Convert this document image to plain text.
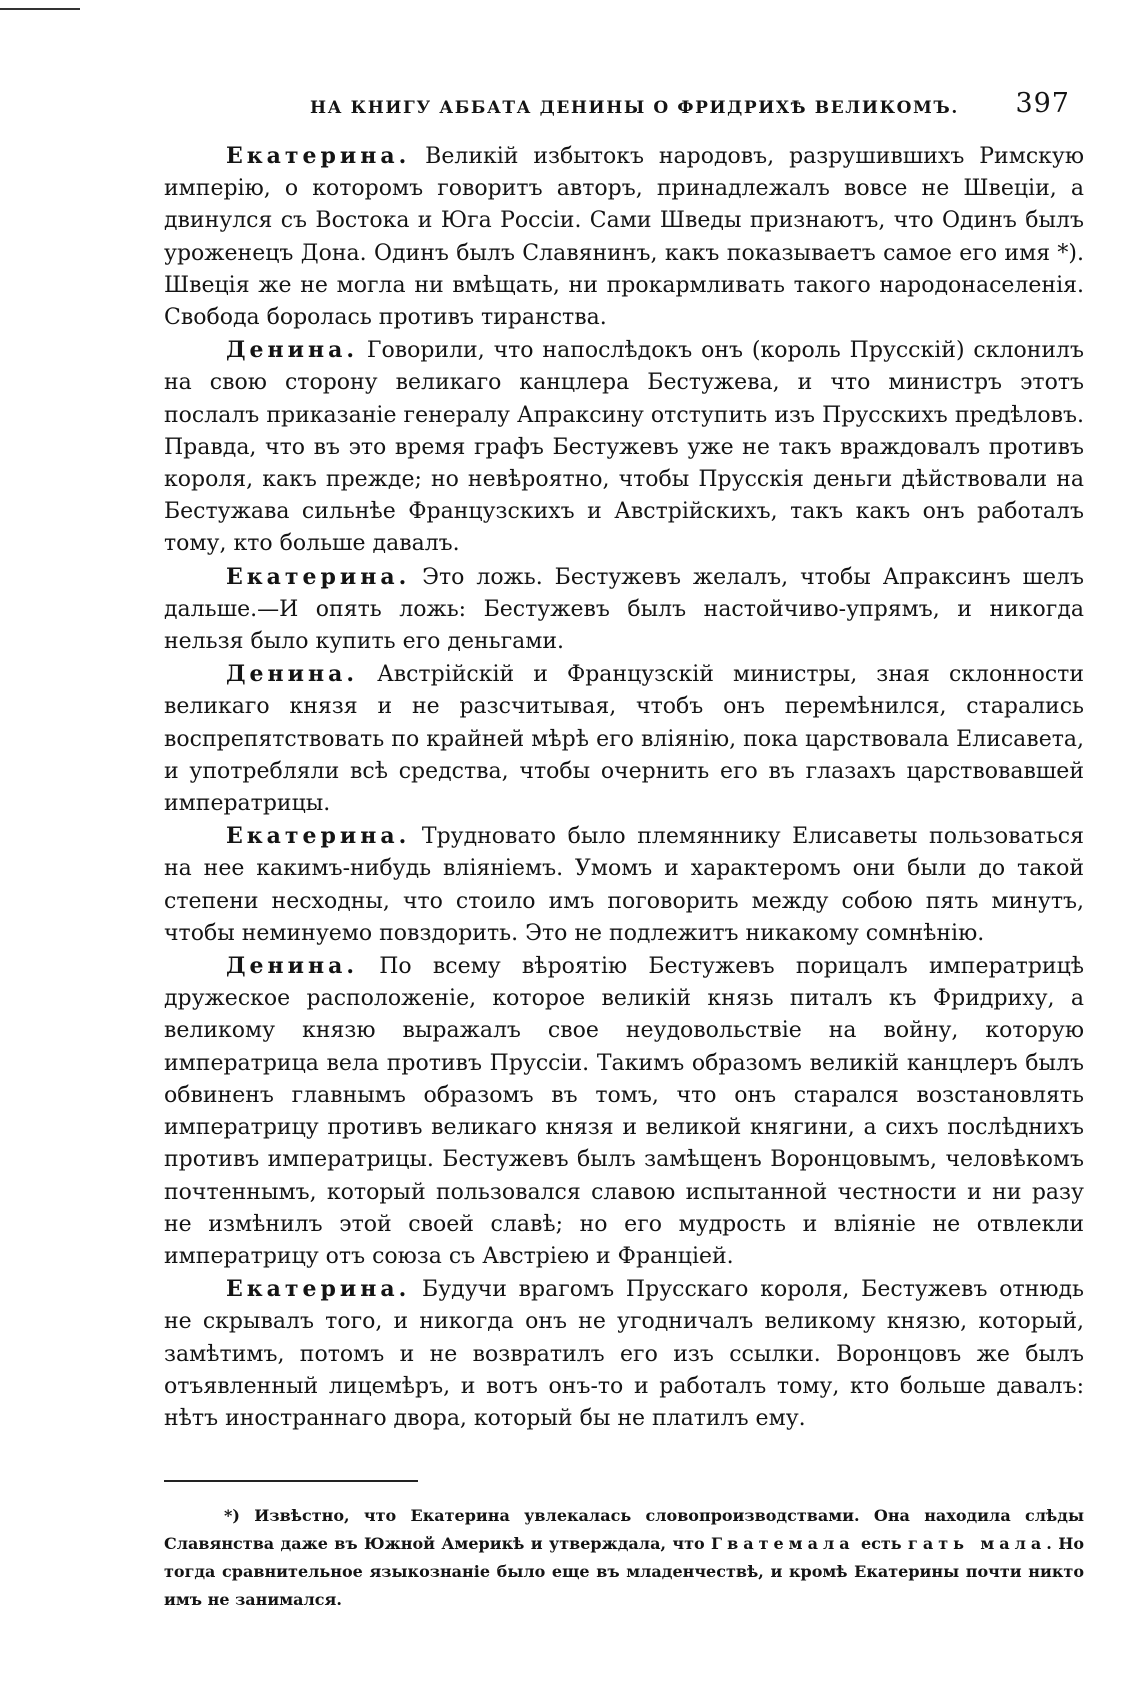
НА КНИГУ АББАТА ДЕНИНЫ О ФРИДРИХѢ ВЕЛИКОМЪ. 397

Екатерина. Великій избытокъ народовъ, разрушившихъ Римскую имперію, о которомъ говоритъ авторъ, принадлежалъ вовсе не Швеціи, а двинулся съ Востока и Юга Россіи. Сами Шведы признаютъ, что Одинъ былъ уроженецъ Дона. Одинъ былъ Славянинъ, какъ показываетъ самое его имя *). Швеція же не могла ни вмѣщать, ни прокармливать такого народонаселенія. Свобода боролась противъ тиранства.

Денина. Говорили, что напослѣдокъ онъ (король Прусскій) склонилъ на свою сторону великаго канцлера Бестужева, и что министръ этотъ послалъ приказаніе генералу Апраксину отступить изъ Прусскихъ предѣловъ. Правда, что въ это время графъ Бестужевъ уже не такъ враждовалъ противъ короля, какъ прежде; но невѣроятно, чтобы Прусскія деньги дѣйствовали на Бестужава сильнѣе Французскихъ и Австрійскихъ, такъ какъ онъ работалъ тому, кто больше давалъ.

Екатерина. Это ложь. Бестужевъ желалъ, чтобы Апраксинъ шелъ дальше.—И опять ложь: Бестужевъ былъ настойчиво-упрямъ, и никогда нельзя было купить его деньгами.

Денина. Австрійскій и Французскій министры, зная склонности великаго князя и не разсчитывая, чтобъ онъ перемѣнился, старались воспрепятствовать по крайней мѣрѣ его вліянію, пока царствовала Елисавета, и употребляли всѣ средства, чтобы очернить его въ глазахъ царствовавшей императрицы.

Екатерина. Трудновато было племяннику Елисаветы пользоваться на нее какимъ-нибудь вліяніемъ. Умомъ и характеромъ они были до такой степени несходны, что стоило имъ поговорить между собою пять минутъ, чтобы неминуемо повздорить. Это не подлежитъ никакому сомнѣнію.

Денина. По всему вѣроятію Бестужевъ порицалъ императрицѣ дружеское расположеніе, которое великій князь питалъ къ Фридриху, а великому князю выражалъ свое неудовольствіе на войну, которую императрица вела противъ Пруссіи. Такимъ образомъ великій канцлеръ былъ обвиненъ главнымъ образомъ въ томъ, что онъ старался возстановлять императрицу противъ великаго князя и великой княгини, а сихъ послѣднихъ противъ императрицы. Бестужевъ былъ замѣщенъ Воронцовымъ, человѣкомъ почтеннымъ, который пользовался славою испытанной честности и ни разу не измѣнилъ этой своей славѣ; но его мудрость и вліяніе не отвлекли императрицу отъ союза съ Австріею и Франціей.

Екатерина. Будучи врагомъ Прусскаго короля, Бестужевъ отнюдь не скрывалъ того, и никогда онъ не угодничалъ великому князю, который, замѣтимъ, потомъ и не возвратилъ его изъ ссылки. Воронцовъ же былъ отъявленный лицемѣръ, и вотъ онъ-то и работалъ тому, кто больше давалъ: нѣтъ иностраннаго двора, который бы не платилъ ему.

*) Извѣстно, что Екатерина увлекалась словопроизводствами. Она находила слѣды Славянства даже въ Южной Америкѣ и утверждала, что Гватемала есть гать мала. Но тогда сравнительное языкознаніе было еще въ младенчествѣ, и кромѣ Екатерины почти никто имъ не занимался.
